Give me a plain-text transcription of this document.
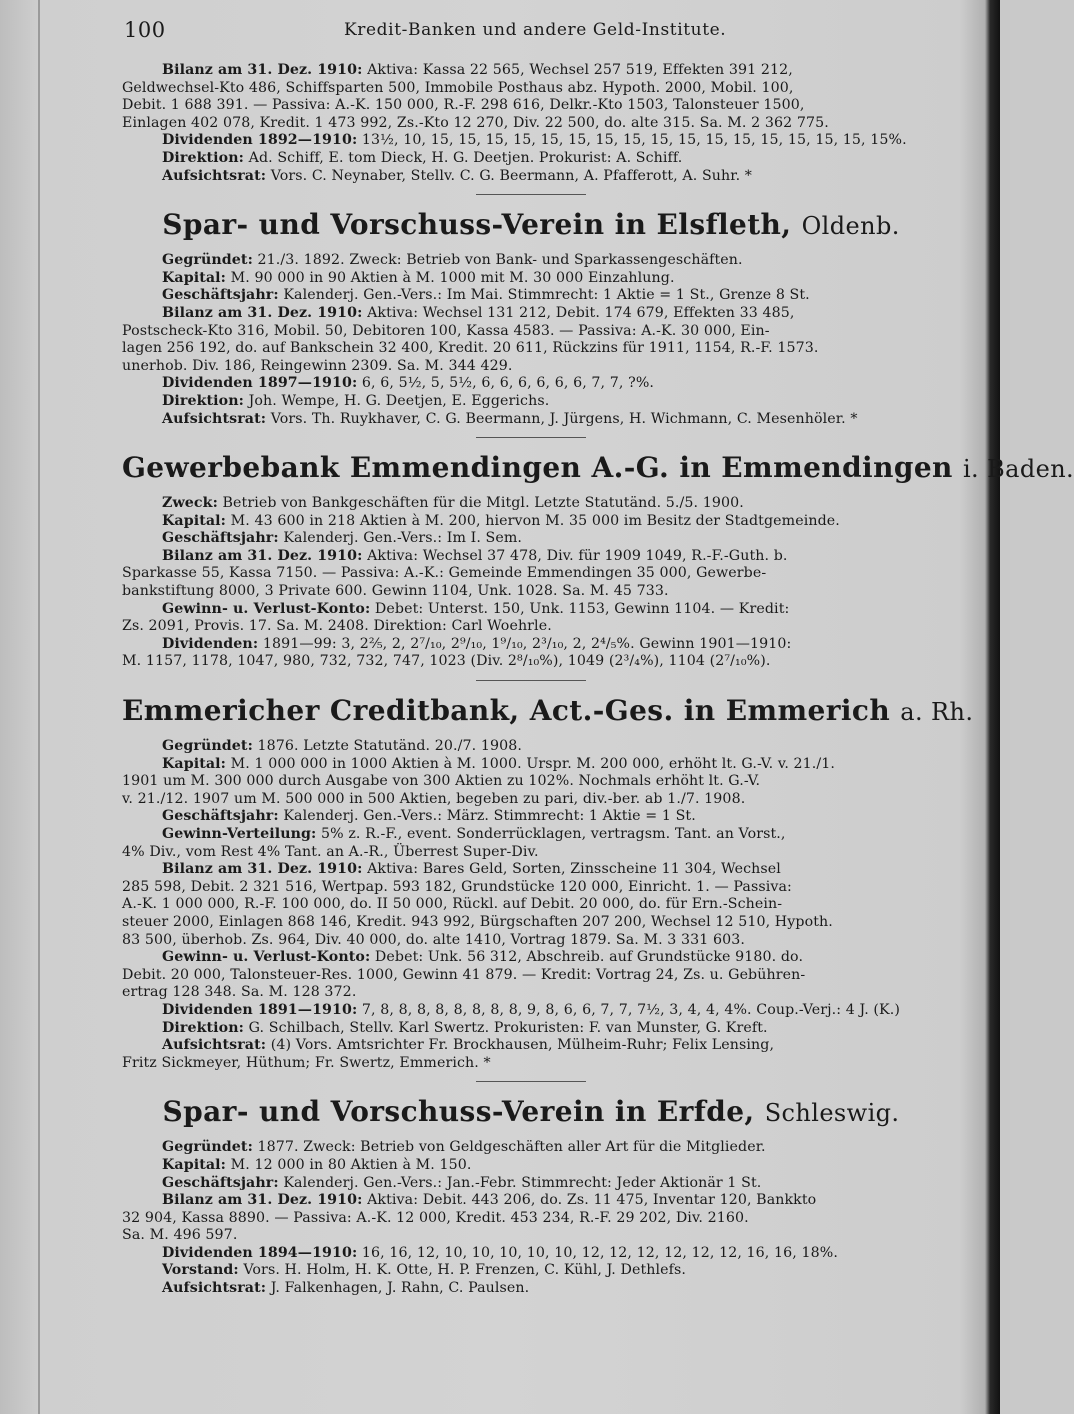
100	Kredit-Banken und andere Geld-Institute.

Bilanz am 31. Dez. 1910: Aktiva: Kassa 22 565, Wechsel 257 519, Effekten 391 212,

Geldwechsel-Kto 486, Schiffsparten 500, Immobile Posthaus abz. Hypoth. 2000, Mobil. 100,

Debit. 1 688 391. — Passiva: A.-K. 150 000, R.-F. 298 616, Delkr.-Kto 1503, Talonsteuer 1500,

Einlagen 402 078, Kredit. 1 473 992, Zs.-Kto 12 270, Div. 22 500, do. alte 315. Sa. M. 2 362 775.

Dividenden 1892—1910: 13½, 10, 15, 15, 15, 15, 15, 15, 15, 15, 15, 15, 15, 15, 15, 15, 15, 15, 15%.

Direktion: Ad. Schiff, E. tom Dieck, H. G. Deetjen. Prokurist: A. Schiff.

Aufsichtsrat: Vors. C. Neynaber, Stellv. C. G. Beermann, A. Pfafferott, A. Suhr. *

Spar- und Vorschuss-Verein in Elsfleth, Oldenb.

Gegründet: 21./3. 1892. Zweck: Betrieb von Bank- und Sparkassengeschäften.

Kapital: M. 90 000 in 90 Aktien à M. 1000 mit M. 30 000 Einzahlung.

Geschäftsjahr: Kalenderj. Gen.-Vers.: Im Mai. Stimmrecht: 1 Aktie = 1 St., Grenze 8 St.

Bilanz am 31. Dez. 1910: Aktiva: Wechsel 131 212, Debit. 174 679, Effekten 33 485,

Postscheck-Kto 316, Mobil. 50, Debitoren 100, Kassa 4583. — Passiva: A.-K. 30 000, Ein-

lagen 256 192, do. auf Bankschein 32 400, Kredit. 20 611, Rückzins für 1911, 1154, R.-F. 1573.

unerhob. Div. 186, Reingewinn 2309. Sa. M. 344 429.

Dividenden 1897—1910: 6, 6, 5½, 5, 5½, 6, 6, 6, 6, 6, 6, 7, 7, ?%.

Direktion: Joh. Wempe, H. G. Deetjen, E. Eggerichs.

Aufsichtsrat: Vors. Th. Ruykhaver, C. G. Beermann, J. Jürgens, H. Wichmann, C. Mesenhöler. *

Gewerbebank Emmendingen A.-G. in Emmendingen i. Baden.

Zweck: Betrieb von Bankgeschäften für die Mitgl. Letzte Statutänd. 5./5. 1900.

Kapital: M. 43 600 in 218 Aktien à M. 200, hiervon M. 35 000 im Besitz der Stadtgemeinde.

Geschäftsjahr: Kalenderj. Gen.-Vers.: Im I. Sem.

Bilanz am 31. Dez. 1910: Aktiva: Wechsel 37 478, Div. für 1909 1049, R.-F.-Guth. b.

Sparkasse 55, Kassa 7150. — Passiva: A.-K.: Gemeinde Emmendingen 35 000, Gewerbe-

bankstiftung 8000, 3 Private 600. Gewinn 1104, Unk. 1028. Sa. M. 45 733.

Gewinn- u. Verlust-Konto: Debet: Unterst. 150, Unk. 1153, Gewinn 1104. — Kredit:

Zs. 2091, Provis. 17. Sa. M. 2408. Direktion: Carl Woehrle.

Dividenden: 1891—99: 3, 2⅖, 2, 2⁷/₁₀, 2⁹/₁₀, 1⁹/₁₀, 2³/₁₀, 2, 2⁴/₅%. Gewinn 1901—1910:

M. 1157, 1178, 1047, 980, 732, 732, 747, 1023 (Div. 2⁸/₁₀%), 1049 (2³/₄%), 1104 (2⁷/₁₀%).

Emmericher Creditbank, Act.-Ges. in Emmerich a. Rh.

Gegründet: 1876. Letzte Statutänd. 20./7. 1908.

Kapital: M. 1 000 000 in 1000 Aktien à M. 1000. Urspr. M. 200 000, erhöht lt. G.-V. v. 21./1.

1901 um M. 300 000 durch Ausgabe von 300 Aktien zu 102%. Nochmals erhöht lt. G.-V.

v. 21./12. 1907 um M. 500 000 in 500 Aktien, begeben zu pari, div.-ber. ab 1./7. 1908.

Geschäftsjahr: Kalenderj. Gen.-Vers.: März. Stimmrecht: 1 Aktie = 1 St.

Gewinn-Verteilung: 5% z. R.-F., event. Sonderrücklagen, vertragsm. Tant. an Vorst.,

4% Div., vom Rest 4% Tant. an A.-R., Überrest Super-Div.

Bilanz am 31. Dez. 1910: Aktiva: Bares Geld, Sorten, Zinsscheine 11 304, Wechsel

285 598, Debit. 2 321 516, Wertpap. 593 182, Grundstücke 120 000, Einricht. 1. — Passiva:

A.-K. 1 000 000, R.-F. 100 000, do. II 50 000, Rückl. auf Debit. 20 000, do. für Ern.-Schein-

steuer 2000, Einlagen 868 146, Kredit. 943 992, Bürgschaften 207 200, Wechsel 12 510, Hypoth.

83 500, überhob. Zs. 964, Div. 40 000, do. alte 1410, Vortrag 1879. Sa. M. 3 331 603.

Gewinn- u. Verlust-Konto: Debet: Unk. 56 312, Abschreib. auf Grundstücke 9180. do.

Debit. 20 000, Talonsteuer-Res. 1000, Gewinn 41 879. — Kredit: Vortrag 24, Zs. u. Gebühren-

ertrag 128 348. Sa. M. 128 372.

Dividenden 1891—1910: 7, 8, 8, 8, 8, 8, 8, 8, 8, 9, 8, 6, 6, 7, 7, 7½, 3, 4, 4, 4%. Coup.-Verj.: 4 J. (K.)

Direktion: G. Schilbach, Stellv. Karl Swertz. Prokuristen: F. van Munster, G. Kreft.

Aufsichtsrat: (4) Vors. Amtsrichter Fr. Brockhausen, Mülheim-Ruhr; Felix Lensing,

Fritz Sickmeyer, Hüthum; Fr. Swertz, Emmerich. *

Spar- und Vorschuss-Verein in Erfde, Schleswig.

Gegründet: 1877. Zweck: Betrieb von Geldgeschäften aller Art für die Mitglieder.

Kapital: M. 12 000 in 80 Aktien à M. 150.

Geschäftsjahr: Kalenderj. Gen.-Vers.: Jan.-Febr. Stimmrecht: Jeder Aktionär 1 St.

Bilanz am 31. Dez. 1910: Aktiva: Debit. 443 206, do. Zs. 11 475, Inventar 120, Bankkto

32 904, Kassa 8890. — Passiva: A.-K. 12 000, Kredit. 453 234, R.-F. 29 202, Div. 2160.

Sa. M. 496 597.

Dividenden 1894—1910: 16, 16, 12, 10, 10, 10, 10, 10, 12, 12, 12, 12, 12, 12, 16, 16, 18%.

Vorstand: Vors. H. Holm, H. K. Otte, H. P. Frenzen, C. Kühl, J. Dethlefs.

Aufsichtsrat: J. Falkenhagen, J. Rahn, C. Paulsen.
